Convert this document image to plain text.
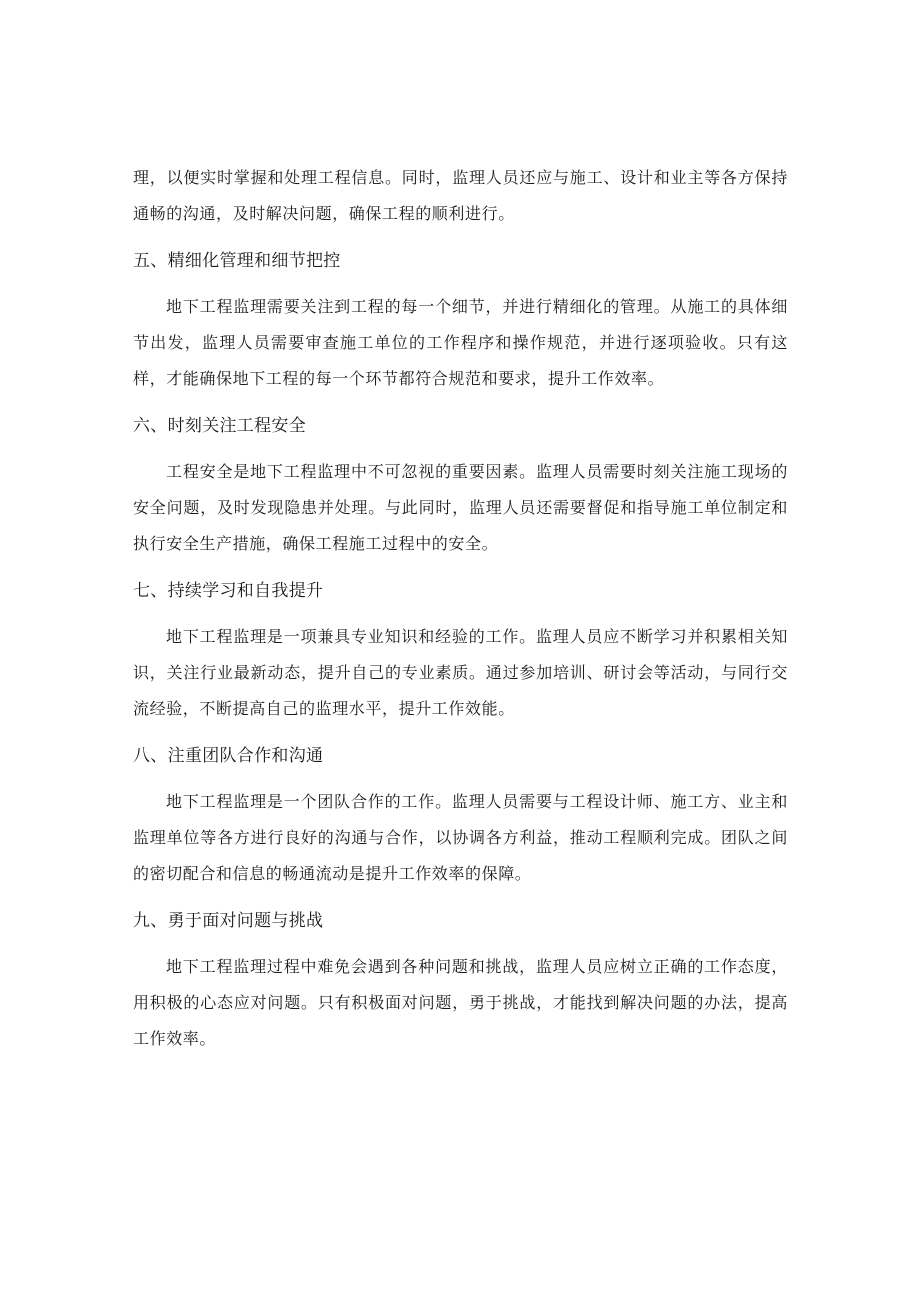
理，以便实时掌握和处理工程信息。同时，监理人员还应与施工、设计和业主等各方保持通畅的沟通，及时解决问题，确保工程的顺利进行。

五、精细化管理和细节把控

地下工程监理需要关注到工程的每一个细节，并进行精细化的管理。从施工的具体细节出发，监理人员需要审查施工单位的工作程序和操作规范，并进行逐项验收。只有这样，才能确保地下工程的每一个环节都符合规范和要求，提升工作效率。

六、时刻关注工程安全

工程安全是地下工程监理中不可忽视的重要因素。监理人员需要时刻关注施工现场的安全问题，及时发现隐患并处理。与此同时，监理人员还需要督促和指导施工单位制定和执行安全生产措施，确保工程施工过程中的安全。

七、持续学习和自我提升

地下工程监理是一项兼具专业知识和经验的工作。监理人员应不断学习并积累相关知识，关注行业最新动态，提升自己的专业素质。通过参加培训、研讨会等活动，与同行交流经验，不断提高自己的监理水平，提升工作效能。

八、注重团队合作和沟通

地下工程监理是一个团队合作的工作。监理人员需要与工程设计师、施工方、业主和监理单位等各方进行良好的沟通与合作，以协调各方利益，推动工程顺利完成。团队之间的密切配合和信息的畅通流动是提升工作效率的保障。

九、勇于面对问题与挑战

地下工程监理过程中难免会遇到各种问题和挑战，监理人员应树立正确的工作态度，用积极的心态应对问题。只有积极面对问题，勇于挑战，才能找到解决问题的办法，提高工作效率。
